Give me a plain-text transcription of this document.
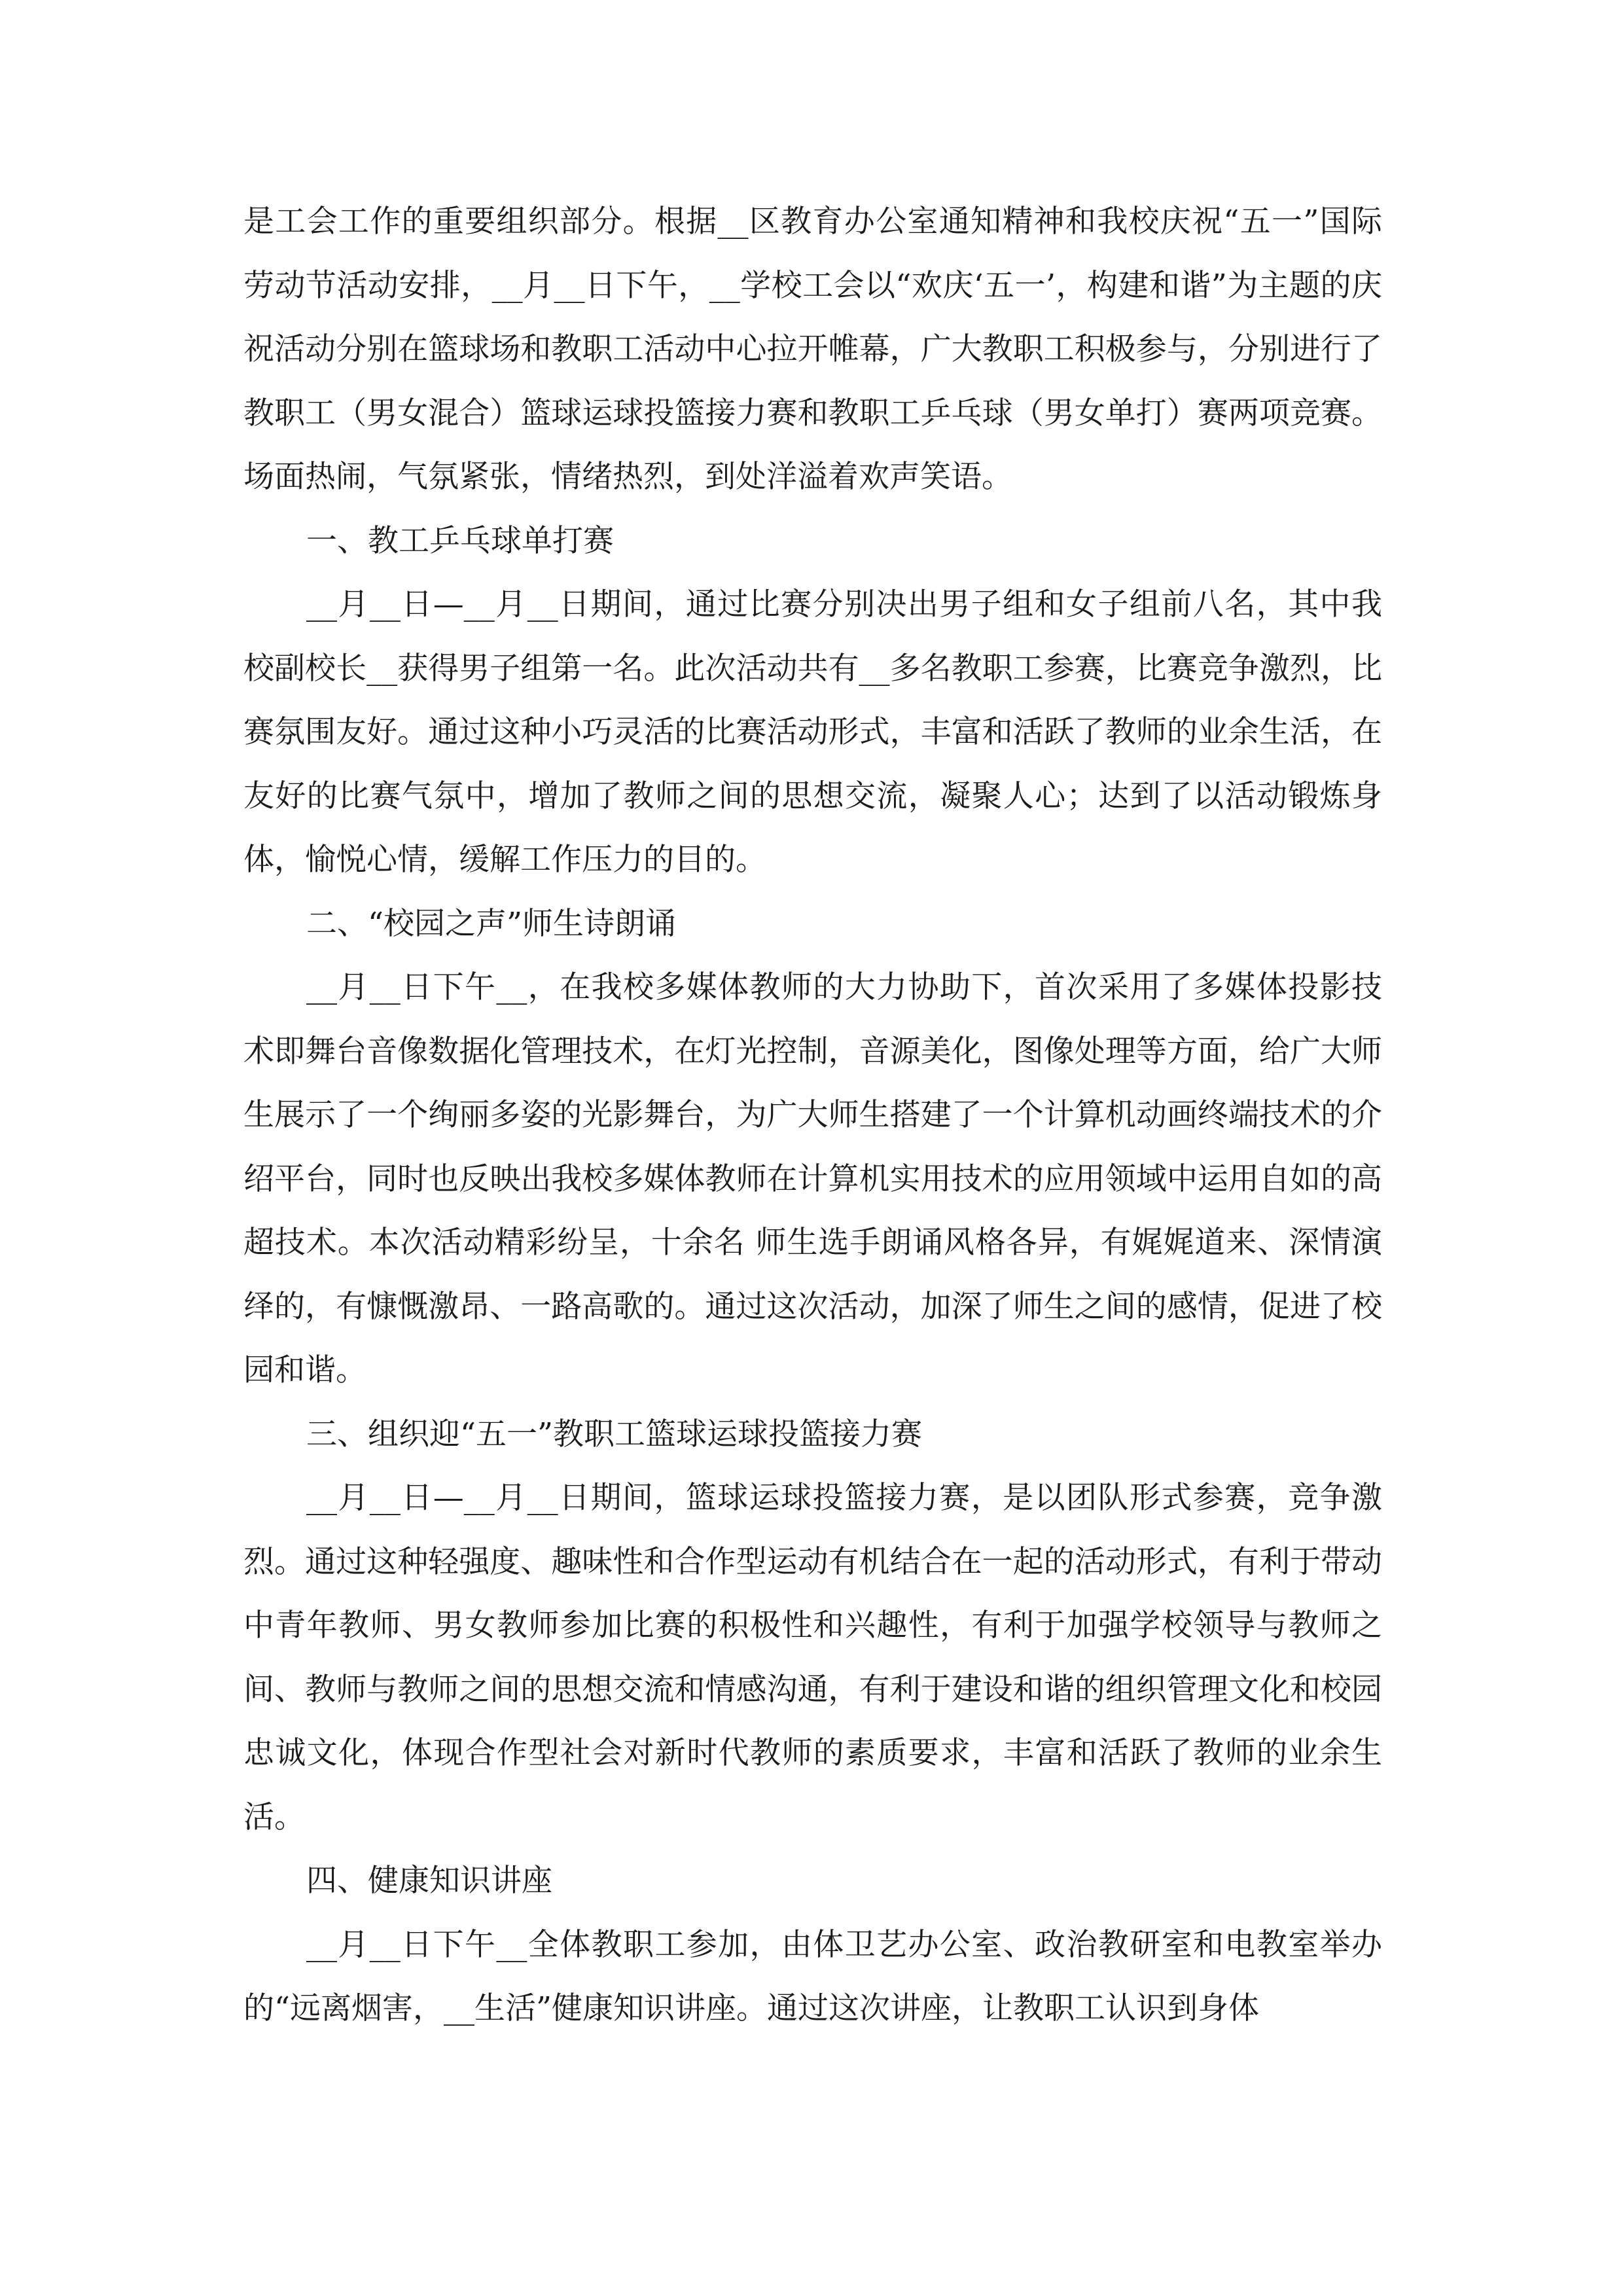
是工会工作的重要组织部分。根据__区教育办公室通知精神和我校庆祝“五一”国际劳动节活动安排，__月__日下午，__学校工会以“欢庆‘五一’，构建和谐”为主题的庆祝活动分别在篮球场和教职工活动中心拉开帷幕，广大教职工积极参与，分别进行了教职工（男女混合）篮球运球投篮接力赛和教职工乒乓球（男女单打）赛两项竞赛。场面热闹，气氛紧张，情绪热烈，到处洋溢着欢声笑语。

一、教工乒乓球单打赛

__月__日—__月__日期间，通过比赛分别决出男子组和女子组前八名，其中我校副校长__获得男子组第一名。此次活动共有__多名教职工参赛，比赛竞争激烈，比赛氛围友好。通过这种小巧灵活的比赛活动形式，丰富和活跃了教师的业余生活，在友好的比赛气氛中，增加了教师之间的思想交流，凝聚人心；达到了以活动锻炼身体，愉悦心情，缓解工作压力的目的。

二、“校园之声”师生诗朗诵

__月__日下午__，在我校多媒体教师的大力协助下，首次采用了多媒体投影技术即舞台音像数据化管理技术，在灯光控制，音源美化，图像处理等方面，给广大师生展示了一个绚丽多姿的光影舞台，为广大师生搭建了一个计算机动画终端技术的介绍平台，同时也反映出我校多媒体教师在计算机实用技术的应用领域中运用自如的高超技术。本次活动精彩纷呈，十余名 师生选手朗诵风格各异，有娓娓道来、深情演绎的，有慷慨激昂、一路高歌的。通过这次活动，加深了师生之间的感情，促进了校园和谐。

三、组织迎“五一”教职工篮球运球投篮接力赛

__月__日—__月__日期间，篮球运球投篮接力赛，是以团队形式参赛，竞争激烈。通过这种轻强度、趣味性和合作型运动有机结合在一起的活动形式，有利于带动中青年教师、男女教师参加比赛的积极性和兴趣性，有利于加强学校领导与教师之间、教师与教师之间的思想交流和情感沟通，有利于建设和谐的组织管理文化和校园忠诚文化，体现合作型社会对新时代教师的素质要求，丰富和活跃了教师的业余生活。

四、健康知识讲座

__月__日下午__全体教职工参加，由体卫艺办公室、政治教研室和电教室举办的“远离烟害，__生活”健康知识讲座。通过这次讲座，让教职工认识到身体
